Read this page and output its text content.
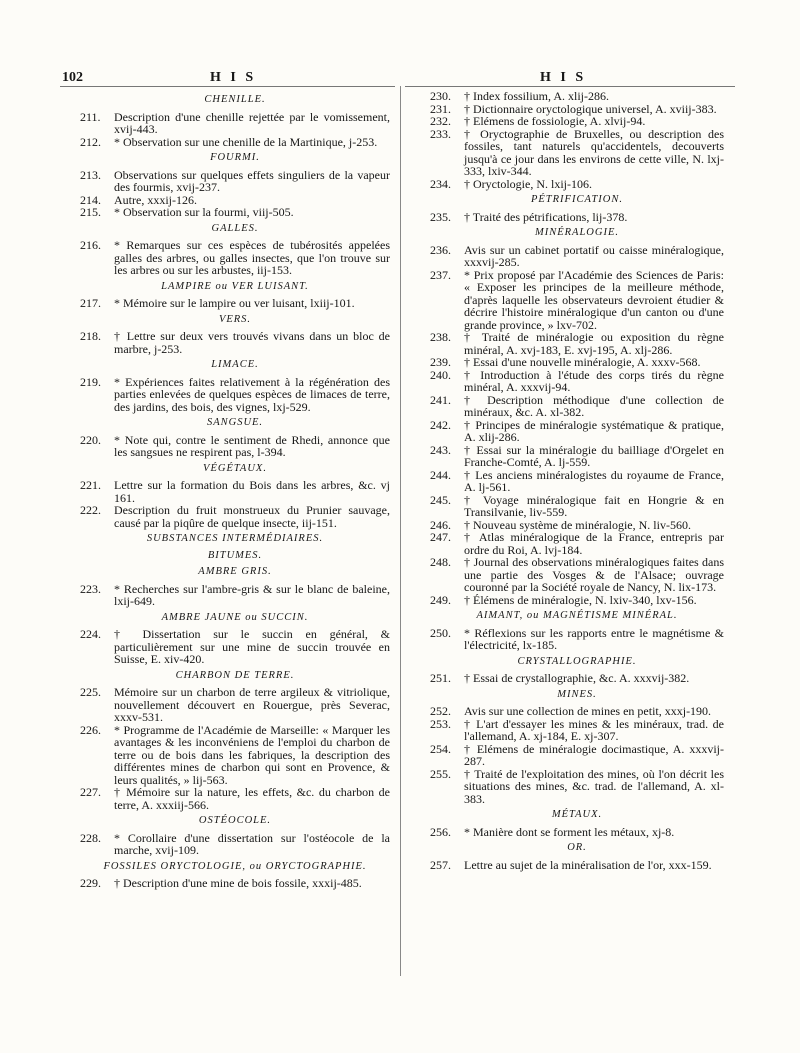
102	H I S	H I S
CHENILLE.
211.	Description d'une chenille rejettée par le vomissement, xvij-443.
212.	* Observation sur une chenille de la Martinique, j-253.
FOURMI.
213.	Observations sur quelques effets singuliers de la vapeur des fourmis, xvij-237.
214.	Autre, xxxij-126.
215.	* Observation sur la fourmi, viij-505.
GALLES.
216.	* Remarques sur ces espèces de tubérosités appelées galles des arbres, ou galles insectes, que l'on trouve sur les arbres ou sur les arbustes, iij-153.
LAMPIRE ou VER LUISANT.
217.	* Mémoire sur le lampire ou ver luisant, lxiij-101.
VERS.
218.	† Lettre sur deux vers trouvés vivans dans un bloc de marbre, j-253.
LIMACE.
219.	* Expériences faites relativement à la régénération des parties enlevées de quelques espèces de limaces de terre, des jardins, des bois, des vignes, lxj-529.
SANGSUE.
220.	* Note qui, contre le sentiment de Rhedi, annonce que les sangsues ne respirent pas, l-394.
VÉGÉTAUX.
221.	Lettre sur la formation du Bois dans les arbres, &c. vj 161.
222.	Description du fruit monstrueux du Prunier sauvage, causé par la piqûre de quelque insecte, iij-151.
SUBSTANCES INTERMÉDIAIRES.
BITUMES.
AMBRE GRIS.
223.	* Recherches sur l'ambre-gris & sur le blanc de baleine, lxij-649.
AMBRE JAUNE ou SUCCIN.
224.	† Dissertation sur le succin en général, & particulièrement sur une mine de succin trouvée en Suisse, E. xiv-420.
CHARBON DE TERRE.
225.	Mémoire sur un charbon de terre argileux & vitriolique, nouvellement découvert en Rouergue, près Severac, xxxv-531.
226.	* Programme de l'Académie de Marseille: « Marquer les avantages & les inconvéniens de l'emploi du charbon de terre ou de bois dans les fabriques, la description des différentes mines de charbon qui sont en Provence, & leurs qualités, » lij-563.
227.	† Mémoire sur la nature, les effets, &c. du charbon de terre, A. xxxiij-566.
OSTÉOCOLE.
228.	* Corollaire d'une dissertation sur l'ostéocole de la marche, xvij-109.
FOSSILES ORYCTOLOGIE, ou ORYCTOGRAPHIE.
229.	† Description d'une mine de bois fossile, xxxij-485.
230.	† Index fossilium, A. xlij-286.
231.	† Dictionnaire oryctologique universel, A. xviij-383.
232.	† Elémens de fossiologie, A. xlvij-94.
233.	† Oryctographie de Bruxelles, ou description des fossiles, tant naturels qu'accidentels, decouverts jusqu'à ce jour dans les environs de cette ville, N. lxj-333, lxiv-344.
234.	† Oryctologie, N. lxij-106.
PÉTRIFICATION.
235.	† Traité des pétrifications, lij-378.
MINÉRALOGIE.
236.	Avis sur un cabinet portatif ou caisse minéralogique, xxxvij-285.
237.	* Prix proposé par l'Académie des Sciences de Paris: « Exposer les principes de la meilleure méthode, d'après laquelle les observateurs devroient étudier & décrire l'histoire minéralogique d'un canton ou d'une grande province, » lxv-702.
238.	† Traité de minéralogie ou exposition du règne minéral, A. xvj-183, E. xvj-195, A. xlj-286.
239.	† Essai d'une nouvelle minéralogie, A. xxxv-568.
240.	† Introduction à l'étude des corps tirés du règne minéral, A. xxxvij-94.
241.	† Description méthodique d'une collection de minéraux, &c. A. xl-382.
242.	† Principes de minéralogie systématique & pratique, A. xlij-286.
243.	† Essai sur la minéralogie du bailliage d'Orgelet en Franche-Comté, A. lj-559.
244.	† Les anciens minéralogistes du royaume de France, A. lj-561.
245.	† Voyage minéralogique fait en Hongrie & en Transilvanie, liv-559.
246.	† Nouveau système de minéralogie, N. liv-560.
247.	† Atlas minéralogique de la France, entrepris par ordre du Roi, A. lvj-184.
248.	† Journal des observations minéralogiques faites dans une partie des Vosges & de l'Alsace; ouvrage couronné par la Société royale de Nancy, N. lix-173.
249.	† Élémens de minéralogie, N. lxiv-340, lxv-156.
AIMANT, ou MAGNÉTISME MINÉRAL.
250.	* Réflexions sur les rapports entre le magnétisme & l'électricité, lx-185.
CRYSTALLOGRAPHIE.
251.	† Essai de crystallographie, &c. A. xxxvij-382.
MINES.
252.	Avis sur une collection de mines en petit, xxxj-190.
253.	† L'art d'essayer les mines & les minéraux, trad. de l'allemand, A. xj-184, E. xj-307.
254.	† Elémens de minéralogie docimastique, A. xxxvij-287.
255.	† Traité de l'exploitation des mines, où l'on décrit les situations des mines, &c. trad. de l'allemand, A. xl-383.
MÉTAUX.
256.	* Manière dont se forment les métaux, xj-8.
OR.
257.	Lettre au sujet de la minéralisation de l'or, xxx-159.
